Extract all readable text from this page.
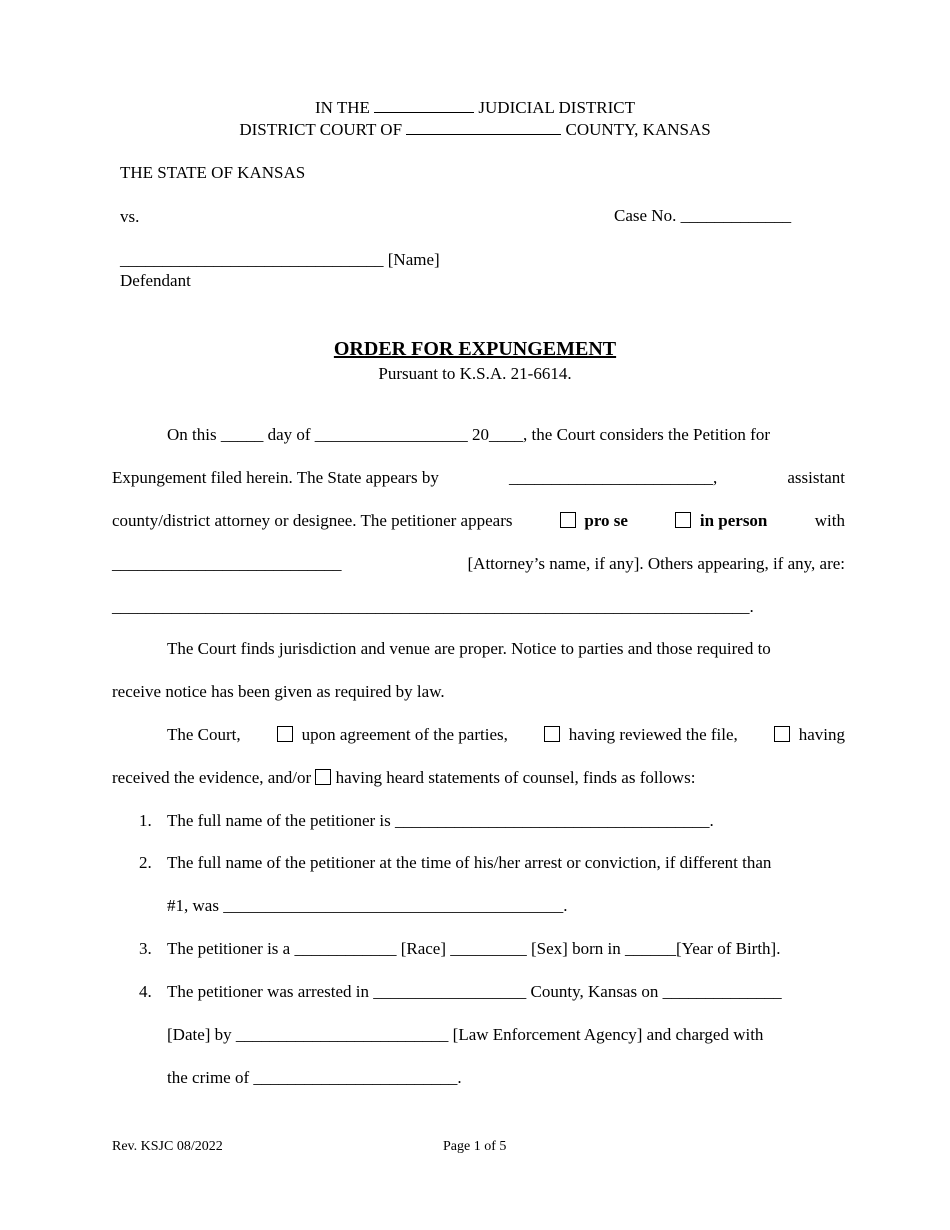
IN THE	JUDICIAL DISTRICT
DISTRICT COURT OF	COUNTY, KANSAS
THE STATE OF KANSAS
vs.	Case No. _____________
_______________________________ [Name]
Defendant
ORDER FOR EXPUNGEMENT
Pursuant to K.S.A. 21-6614.
On this _____ day of __________________ 20____, the Court considers the Petition for
Expungement filed herein. The State appears by	________________________,	assistant
county/district attorney or designee. The petitioner appears	pro se	in person	with
___________________________	[Attorney’s name, if any]. Others appearing, if any, are:
___________________________________________________________________________.
The Court finds jurisdiction and venue are proper. Notice to parties and those required to
receive notice has been given as required by law.
The Court,	upon agreement of the parties,	having reviewed the file,	having
received the evidence, and/or having heard statements of counsel, finds as follows:
1. The full name of the petitioner is _____________________________________.
2. The full name of the petitioner at the time of his/her arrest or conviction, if different than
#1, was ________________________________________.
3. The petitioner is a ____________ [Race] _________ [Sex] born in ______[Year of Birth].
4. The petitioner was arrested in __________________ County, Kansas on ______________
[Date] by _________________________ [Law Enforcement Agency] and charged with
the crime of ________________________.
Rev. KSJC 08/2022	Page 1 of 5
